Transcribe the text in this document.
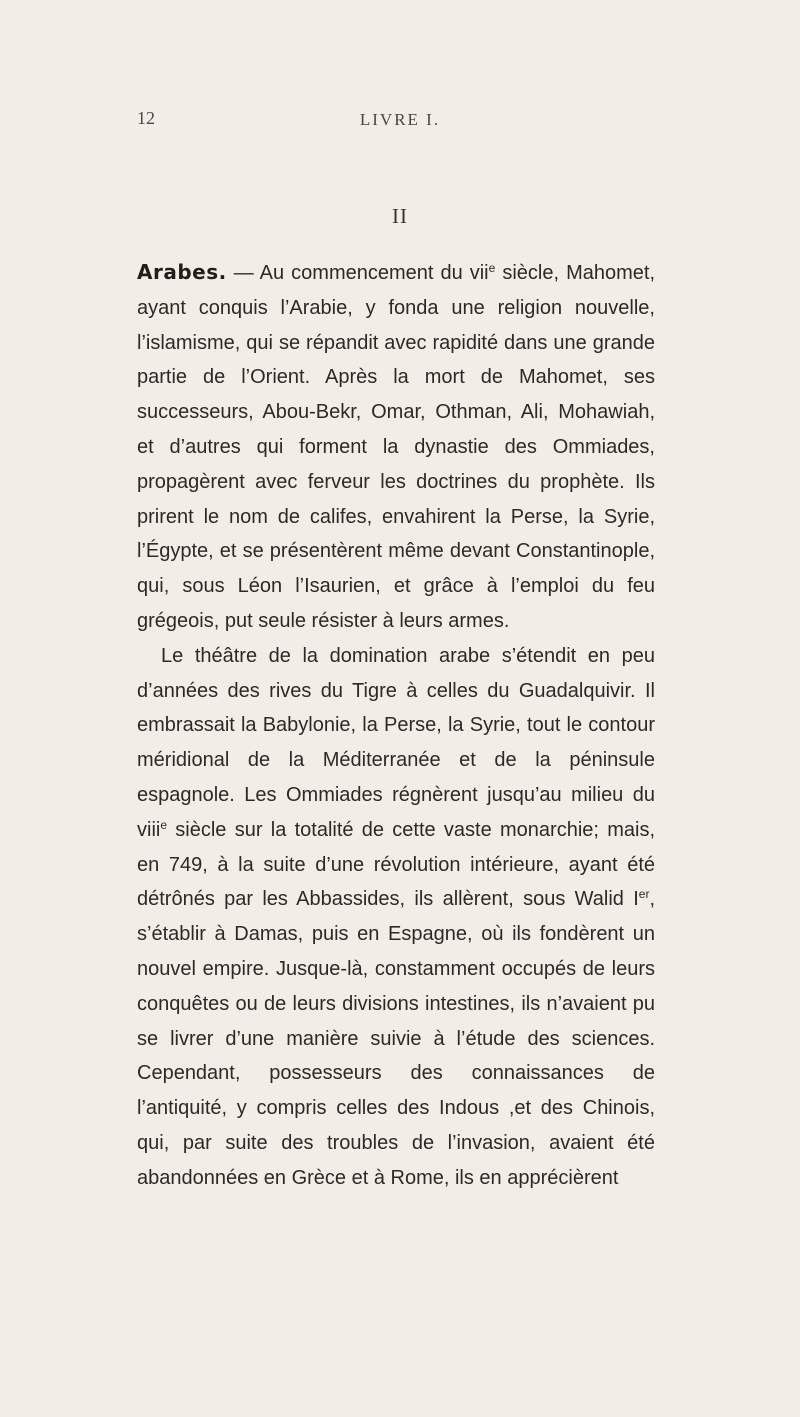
12	LIVRE I.
II

Arabes. — Au commencement du vii$^e$ siècle, Mahomet, ayant conquis l’Arabie, y fonda une religion nouvelle, l’islamisme, qui se répandit avec rapidité dans une grande partie de l’Orient. Après la mort de Mahomet, ses successeurs, Abou-Bekr, Omar, Othman, Ali, Mohawiah, et d’autres qui forment la dynastie des Ommiades, propagèrent avec ferveur les doctrines du prophète. Ils prirent le nom de califes, envahirent la Perse, la Syrie, l’Égypte, et se présentèrent même devant Constantinople, qui, sous Léon l’Isaurien, et grâce à l’emploi du feu grégeois, put seule résister à leurs armes.

Le théâtre de la domination arabe s’étendit en peu d’années des rives du Tigre à celles du Guadalquivir. Il embrassait la Babylonie, la Perse, la Syrie, tout le contour méridional de la Méditerranée et de la péninsule espagnole. Les Ommiades régnèrent jusqu’au milieu du viii$^e$ siècle sur la totalité de cette vaste monarchie; mais, en 749, à la suite d’une révolution intérieure, ayant été détrônés par les Abbassides, ils allèrent, sous Walid Ier, s’établir à Damas, puis en Espagne, où ils fondèrent un nouvel empire. Jusque-là, constamment occupés de leurs conquêtes ou de leurs divisions intestines, ils n’avaient pu se livrer d’une manière suivie à l’étude des sciences. Cependant, possesseurs des connaissances de l’antiquité, y compris celles des Indous ,et des Chinois, qui, par suite des troubles de l’invasion, avaient été abandonnées en Grèce et à Rome, ils en apprécièrent
